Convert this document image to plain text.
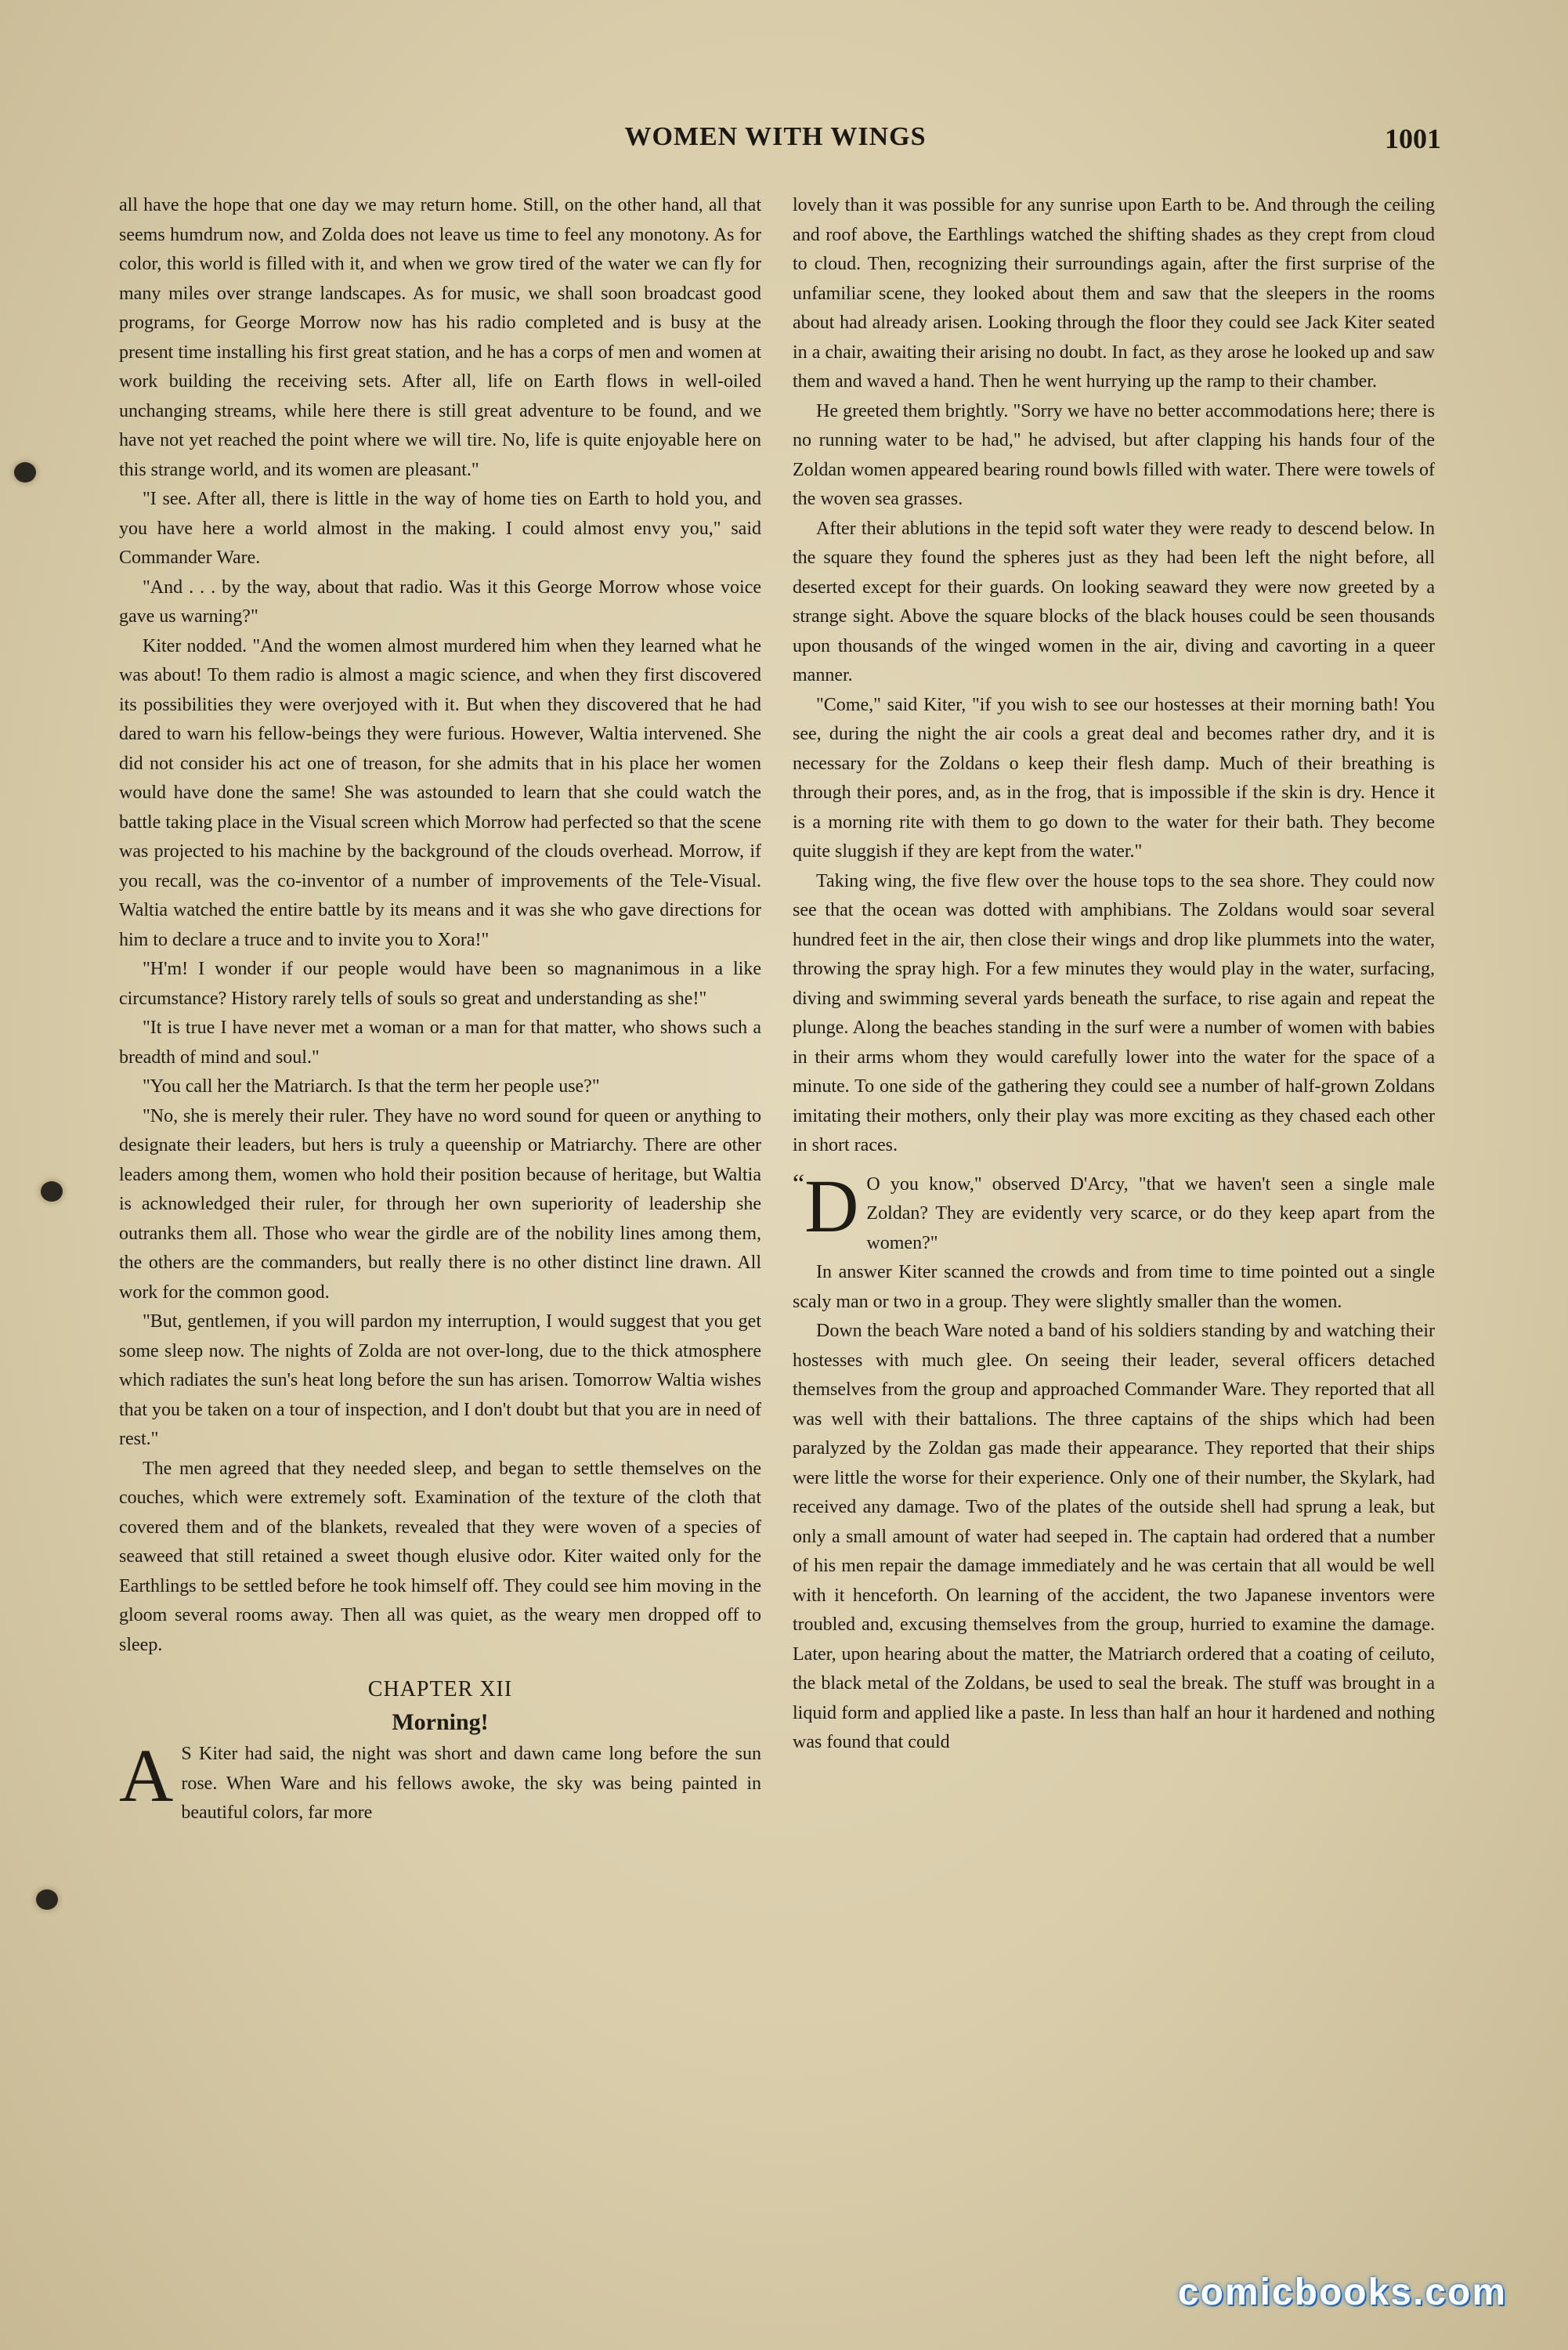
WOMEN WITH WINGS	1001

all have the hope that one day we may return home. Still, on the other hand, all that seems humdrum now, and Zolda does not leave us time to feel any monotony. As for color, this world is filled with it, and when we grow tired of the water we can fly for many miles over strange landscapes. As for music, we shall soon broadcast good programs, for George Morrow now has his radio completed and is busy at the present time installing his first great station, and he has a corps of men and women at work building the receiving sets. After all, life on Earth flows in well-oiled unchanging streams, while here there is still great adventure to be found, and we have not yet reached the point where we will tire. No, life is quite enjoyable here on this strange world, and its women are pleasant."

"I see. After all, there is little in the way of home ties on Earth to hold you, and you have here a world almost in the making. I could almost envy you," said Commander Ware.

"And . . . by the way, about that radio. Was it this George Morrow whose voice gave us warning?"

Kiter nodded. "And the women almost murdered him when they learned what he was about! To them radio is almost a magic science, and when they first discovered its possibilities they were overjoyed with it. But when they discovered that he had dared to warn his fellow-beings they were furious. However, Waltia intervened. She did not consider his act one of treason, for she admits that in his place her women would have done the same! She was astounded to learn that she could watch the battle taking place in the Visual screen which Morrow had perfected so that the scene was projected to his machine by the background of the clouds overhead. Morrow, if you recall, was the co-inventor of a number of improvements of the Tele-Visual. Waltia watched the entire battle by its means and it was she who gave directions for him to declare a truce and to invite you to Xora!"

"H'm! I wonder if our people would have been so magnanimous in a like circumstance? History rarely tells of souls so great and understanding as she!"

"It is true I have never met a woman or a man for that matter, who shows such a breadth of mind and soul."

"You call her the Matriarch. Is that the term her people use?"

"No, she is merely their ruler. They have no word sound for queen or anything to designate their leaders, but hers is truly a queenship or Matriarchy. There are other leaders among them, women who hold their position because of heritage, but Waltia is acknowledged their ruler, for through her own superiority of leadership she outranks them all. Those who wear the girdle are of the nobility lines among them, the others are the commanders, but really there is no other distinct line drawn. All work for the common good.

"But, gentlemen, if you will pardon my interruption, I would suggest that you get some sleep now. The nights of Zolda are not over-long, due to the thick atmosphere which radiates the sun's heat long before the sun has arisen. Tomorrow Waltia wishes that you be taken on a tour of inspection, and I don't doubt but that you are in need of rest."

The men agreed that they needed sleep, and began to settle themselves on the couches, which were extremely soft. Examination of the texture of the cloth that covered them and of the blankets, revealed that they were woven of a species of seaweed that still retained a sweet though elusive odor. Kiter waited only for the Earthlings to be settled before he took himself off. They could see him moving in the gloom several rooms away. Then all was quiet, as the weary men dropped off to sleep.

CHAPTER XII
Morning!

A S Kiter had said, the night was short and dawn came long before the sun rose. When Ware and his fellows awoke, the sky was being painted in beautiful colors, far more

lovely than it was possible for any sunrise upon Earth to be. And through the ceiling and roof above, the Earthlings watched the shifting shades as they crept from cloud to cloud. Then, recognizing their surroundings again, after the first surprise of the unfamiliar scene, they looked about them and saw that the sleepers in the rooms about had already arisen. Looking through the floor they could see Jack Kiter seated in a chair, awaiting their arising no doubt. In fact, as they arose he looked up and saw them and waved a hand. Then he went hurrying up the ramp to their chamber.

He greeted them brightly. "Sorry we have no better accommodations here; there is no running water to be had," he advised, but after clapping his hands four of the Zoldan women appeared bearing round bowls filled with water. There were towels of the woven sea grasses.

After their ablutions in the tepid soft water they were ready to descend below. In the square they found the spheres just as they had been left the night before, all deserted except for their guards. On looking seaward they were now greeted by a strange sight. Above the square blocks of the black houses could be seen thousands upon thousands of the winged women in the air, diving and cavorting in a queer manner.

"Come," said Kiter, "if you wish to see our hostesses at their morning bath! You see, during the night the air cools a great deal and becomes rather dry, and it is necessary for the Zoldans o keep their flesh damp. Much of their breathing is through their pores, and, as in the frog, that is impossible if the skin is dry. Hence it is a morning rite with them to go down to the water for their bath. They become quite sluggish if they are kept from the water."

Taking wing, the five flew over the house tops to the sea shore. They could now see that the ocean was dotted with amphibians. The Zoldans would soar several hundred feet in the air, then close their wings and drop like plummets into the water, throwing the spray high. For a few minutes they would play in the water, surfacing, diving and swimming several yards beneath the surface, to rise again and repeat the plunge. Along the beaches standing in the surf were a number of women with babies in their arms whom they would carefully lower into the water for the space of a minute. To one side of the gathering they could see a number of half-grown Zoldans imitating their mothers, only their play was more exciting as they chased each other in short races.

“ D O you know," observed D'Arcy, "that we haven't seen a single male Zoldan? They are evidently very scarce, or do they keep apart from the women?"

In answer Kiter scanned the crowds and from time to time pointed out a single scaly man or two in a group. They were slightly smaller than the women.

Down the beach Ware noted a band of his soldiers standing by and watching their hostesses with much glee. On seeing their leader, several officers detached themselves from the group and approached Commander Ware. They reported that all was well with their battalions. The three captains of the ships which had been paralyzed by the Zoldan gas made their appearance. They reported that their ships were little the worse for their experience. Only one of their number, the Skylark, had received any damage. Two of the plates of the outside shell had sprung a leak, but only a small amount of water had seeped in. The captain had ordered that a number of his men repair the damage immediately and he was certain that all would be well with it henceforth. On learning of the accident, the two Japanese inventors were troubled and, excusing themselves from the group, hurried to examine the damage. Later, upon hearing about the matter, the Matriarch ordered that a coating of ceiluto, the black metal of the Zoldans, be used to seal the break. The stuff was brought in a liquid form and applied like a paste. In less than half an hour it hardened and nothing was found that could

comicbooks.com
